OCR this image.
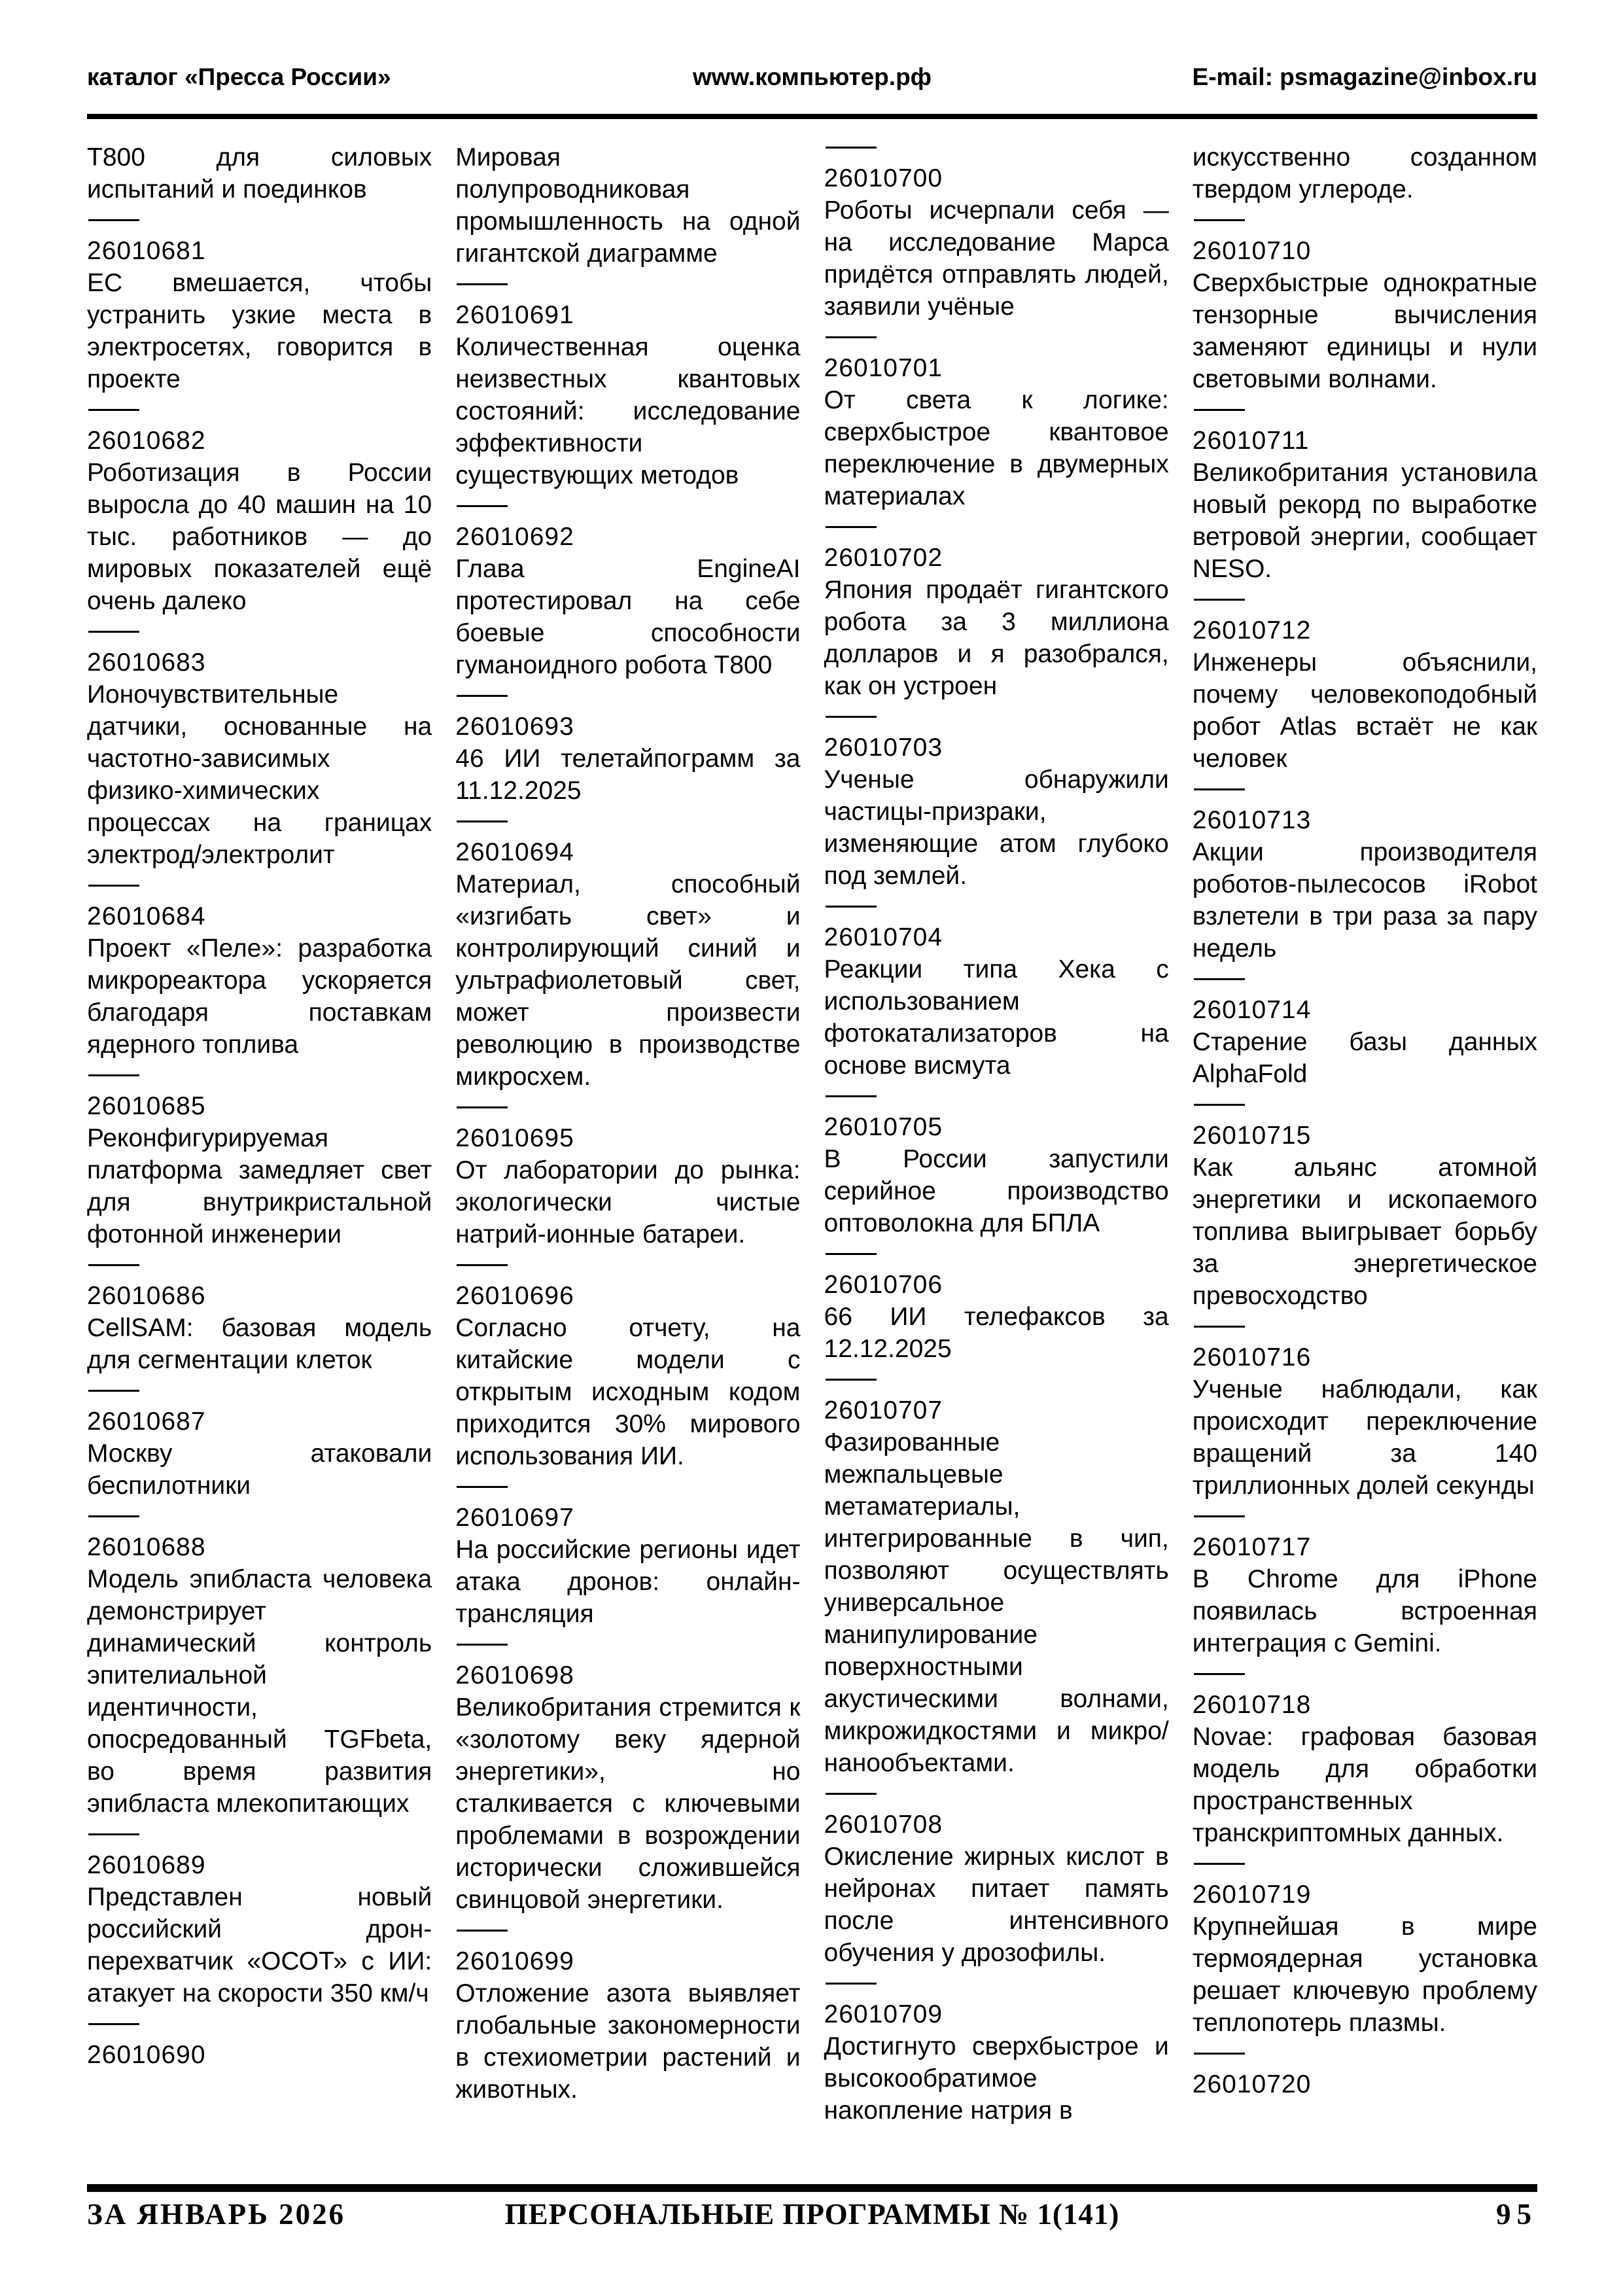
каталог «Пресса России»	www.компьютер.рф	E-mail: psmagazine@inbox.ru
Т800 для силовых испытаний и поединков
26010681
ЕС вмешается, чтобы устранить узкие места в электросетях, говорится в проекте
26010682
Роботизация в России выросла до 40 машин на 10 тыс. работников — до мировых показателей ещё очень далеко
26010683
Ионочувствительные датчики, основанные на частотно-зависимых физико-химических процессах на границах электрод/электролит
26010684
Проект «Пеле»: разработка микрореактора ускоряется благодаря поставкам ядерного топлива
26010685
Реконфигурируемая платформа замедляет свет для внутрикристальной фотонной инженерии
26010686
CellSAM: базовая модель для сегментации клеток
26010687
Москву атаковали беспилотники
26010688
Модель эпибласта человека демонстрирует динамический контроль эпителиальной идентичности, опосредованный TGFbeta, во время развития эпибласта млекопитающих
26010689
Представлен новый российский дрон-перехватчик «ОСОТ» с ИИ: атакует на скорости 350 км/ч
26010690
Мировая полупроводниковая промышленность на одной гигантской диаграмме
26010691
Количественная оценка неизвестных квантовых состояний: исследование эффективности существующих методов
26010692
Глава EngineAI протестировал на себе боевые способности гуманоидного робота Т800
26010693
46 ИИ телетайпограмм за 11.12.2025
26010694
Материал, способный «изгибать свет» и контролирующий синий и ультрафиолетовый свет, может произвести революцию в производстве микросхем.
26010695
От лаборатории до рынка: экологически чистые натрий-ионные батареи.
26010696
Согласно отчету, на китайские модели с открытым исходным кодом приходится 30% мирового использования ИИ.
26010697
На российские регионы идет атака дронов: онлайн-трансляция
26010698
Великобритания стремится к «золотому веку ядерной энергетики», но сталкивается с ключевыми проблемами в возрождении исторически сложившейся свинцовой энергетики.
26010699
Отложение азота выявляет глобальные закономерности в стехиометрии растений и животных.
26010700
Роботы исчерпали себя — на исследование Марса придётся отправлять людей, заявили учёные
26010701
От света к логике: сверхбыстрое квантовое переключение в двумерных материалах
26010702
Япония продаёт гигантского робота за 3 миллиона долларов и я разобрался, как он устроен
26010703
Ученые обнаружили частицы-призраки, изменяющие атом глубоко под землей.
26010704
Реакции типа Хека с использованием фотокатализаторов на основе висмута
26010705
В России запустили серийное производство оптоволокна для БПЛА
26010706
66 ИИ телефаксов за 12.12.2025
26010707
Фазированные межпальцевые метаматериалы, интегрированные в чип, позволяют осуществлять универсальное манипулирование поверхностными акустическими волнами, микрожидкостями и микро/нанообъектами.
26010708
Окисление жирных кислот в нейронах питает память после интенсивного обучения у дрозофилы.
26010709
Достигнуто сверхбыстрое и высокообратимое накопление натрия в
искусственно созданном твердом углероде.
26010710
Сверхбыстрые однократные тензорные вычисления заменяют единицы и нули световыми волнами.
26010711
Великобритания установила новый рекорд по выработке ветровой энергии, сообщает NESO.
26010712
Инженеры объяснили, почему человекоподобный робот Atlas встаёт не как человек
26010713
Акции производителя роботов-пылесосов iRobot взлетели в три раза за пару недель
26010714
Старение базы данных AlphaFold
26010715
Как альянс атомной энергетики и ископаемого топлива выигрывает борьбу за энергетическое превосходство
26010716
Ученые наблюдали, как происходит переключение вращений за 140 триллионных долей секунды
26010717
В Chrome для iPhone появилась встроенная интеграция с Gemini.
26010718
Novae: графовая базовая модель для обработки пространственных транскриптомных данных.
26010719
Крупнейшая в мире термоядерная установка решает ключевую проблему теплопотерь плазмы.
26010720
ЗА ЯНВАРЬ 2026	ПЕРСОНАЛЬНЫЕ ПРОГРАММЫ № 1(141)	95
